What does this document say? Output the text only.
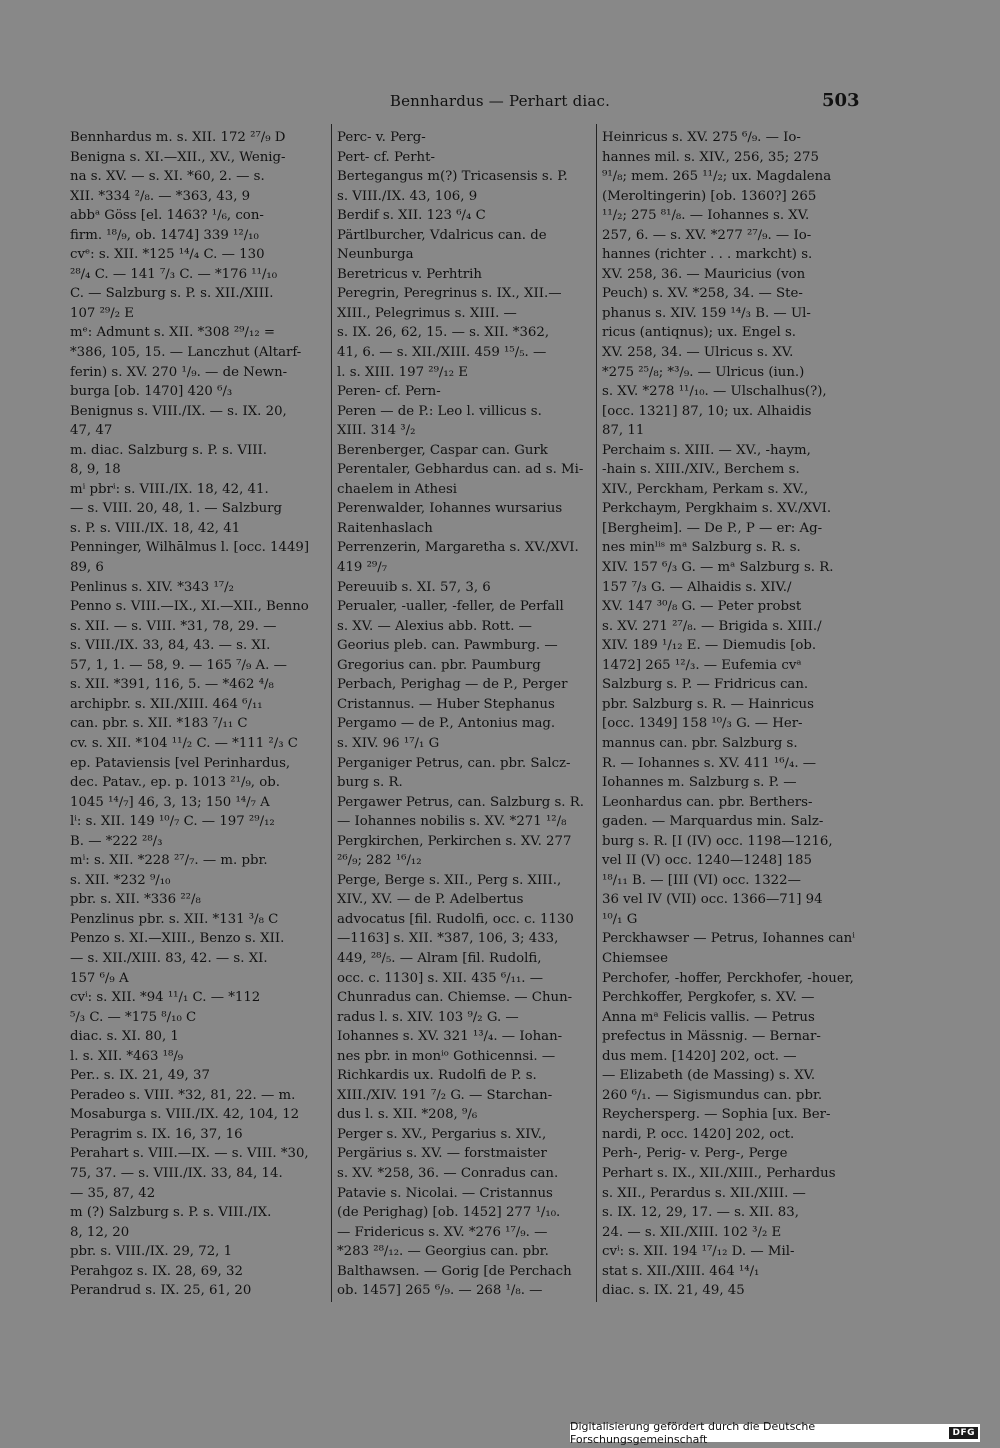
Bennhardus — Perhart diac.	503
Bennhardus m. s. XII. 172 ²⁷/₉ D
Benigna s. XI.—XII., XV., Wenig-
na s. XV. — s. XI. *60, 2. — s.
XII. *334 ²/₈. — *363, 43, 9
abbᵃ Göss [el. 1463? ¹/₆, con-
firm. ¹⁸/₉, ob. 1474] 339 ¹²/₁₀
cvᵉ: s. XII. *125 ¹⁴/₄ C. — 130
²⁸/₄ C. — 141 ⁷/₃ C. — *176 ¹¹/₁₀
C. — Salzburg s. P. s. XII./XIII.
107 ²⁹/₂ E
mᵉ: Admunt s. XII. *308 ²⁹/₁₂ =
*386, 105, 15. — Lanczhut (Altarf-
ferin) s. XV. 270 ¹/₉. — de Newn-
burga [ob. 1470] 420 ⁶/₃
Benignus s. VIII./IX. — s. IX. 20,
47, 47
m. diac. Salzburg s. P. s. VIII.
8, 9, 18
mⁱ pbrⁱ: s. VIII./IX. 18, 42, 41.
— s. VIII. 20, 48, 1. — Salzburg
s. P. s. VIII./IX. 18, 42, 41
Penninger, Wilhālmus l. [occ. 1449]
89, 6
Penlinus s. XIV. *343 ¹⁷/₂
Penno s. VIII.—IX., XI.—XII., Benno
s. XII. — s. VIII. *31, 78, 29. —
s. VIII./IX. 33, 84, 43. — s. XI.
57, 1, 1. — 58, 9. — 165 ⁷/₉ A. —
s. XII. *391, 116, 5. — *462 ⁴/₈
archipbr. s. XII./XIII. 464 ⁶/₁₁
can. pbr. s. XII. *183 ⁷/₁₁ C
cv. s. XII. *104 ¹¹/₂ C. — *111 ²/₃ C
ep. Pataviensis [vel Perinhardus,
dec. Patav., ep. p. 1013 ²¹/₉, ob.
1045 ¹⁴/₇] 46, 3, 13; 150 ¹⁴/₇ A
lⁱ: s. XII. 149 ¹⁰/₇ C. — 197 ²⁹/₁₂
B. — *222 ²⁸/₃
mⁱ: s. XII. *228 ²⁷/₇. — m. pbr.
s. XII. *232 ⁹/₁₀
pbr. s. XII. *336 ²²/₈
Penzlinus pbr. s. XII. *131 ³/₈ C
Penzo s. XI.—XIII., Benzo s. XII.
— s. XII./XIII. 83, 42. — s. XI.
157 ⁶/₉ A
cvⁱ: s. XII. *94 ¹¹/₁ C. — *112
⁵/₃ C. — *175 ⁸/₁₀ C
diac. s. XI. 80, 1
l. s. XII. *463 ¹⁸/₉
Per.. s. IX. 21, 49, 37
Peradeo s. VIII. *32, 81, 22. — m.
Mosaburga s. VIII./IX. 42, 104, 12
Peragrim s. IX. 16, 37, 16
Perahart s. VIII.—IX. — s. VIII. *30,
75, 37. — s. VIII./IX. 33, 84, 14.
— 35, 87, 42
m (?) Salzburg s. P. s. VIII./IX.
8, 12, 20
pbr. s. VIII./IX. 29, 72, 1
Perahgoz s. IX. 28, 69, 32
Perandrud s. IX. 25, 61, 20
Perc- v. Perg-
Pert- cf. Perht-
Bertegangus m(?) Tricasensis s. P.
s. VIII./IX. 43, 106, 9
Berdif s. XII. 123 ⁶/₄ C
Pärtlburcher, Vdalricus can. de
Neunburga
Beretricus v. Perhtrih
Peregrin, Peregrinus s. IX., XII.—
XIII., Pelegrimus s. XIII. —
s. IX. 26, 62, 15. — s. XII. *362,
41, 6. — s. XII./XIII. 459 ¹⁵/₅. —
l. s. XIII. 197 ²⁹/₁₂ E
Peren- cf. Pern-
Peren — de P.: Leo l. villicus s.
XIII. 314 ³/₂
Berenberger, Caspar can. Gurk
Perentaler, Gebhardus can. ad s. Mi-
chaelem in Athesi
Perenwalder, Iohannes wursarius
Raitenhaslach
Perrenzerin, Margaretha s. XV./XVI.
419 ²⁹/₇
Pereuuib s. XI. 57, 3, 6
Perualer, -ualler, -feller, de Perfall
s. XV. — Alexius abb. Rott. —
Georius pleb. can. Pawmburg. —
Gregorius can. pbr. Paumburg
Perbach, Perighag — de P., Perger
Cristannus. — Huber Stephanus
Pergamo — de P., Antonius mag.
s. XIV. 96 ¹⁷/₁ G
Perganiger Petrus, can. pbr. Salcz-
burg s. R.
Pergawer Petrus, can. Salzburg s. R.
— Iohannes nobilis s. XV. *271 ¹²/₈
Pergkirchen, Perkirchen s. XV. 277
²⁶/₉; 282 ¹⁶/₁₂
Perge, Berge s. XII., Perg s. XIII.,
XIV., XV. — de P. Adelbertus
advocatus [fil. Rudolfi, occ. c. 1130
—1163] s. XII. *387, 106, 3; 433,
449, ²⁸/₅. — Alram [fil. Rudolfi,
occ. c. 1130] s. XII. 435 ⁶/₁₁. —
Chunradus can. Chiemse. — Chun-
radus l. s. XIV. 103 ⁹/₂ G. —
Iohannes s. XV. 321 ¹³/₄. — Iohan-
nes pbr. in monⁱᵒ Gothicennsi. —
Richkardis ux. Rudolfi de P. s.
XIII./XIV. 191 ⁷/₂ G. — Starchan-
dus l. s. XII. *208, ⁹/₆
Perger s. XV., Pergarius s. XIV.,
Pergärius s. XV. — forstmaister
s. XV. *258, 36. — Conradus can.
Patavie s. Nicolai. — Cristannus
(de Perighag) [ob. 1452] 277 ¹/₁₀.
— Fridericus s. XV. *276 ¹⁷/₉. —
*283 ²⁸/₁₂. — Georgius can. pbr.
Balthawsen. — Gorig [de Perchach
ob. 1457] 265 ⁶/₉. — 268 ¹/₈. —
Heinricus s. XV. 275 ⁶/₉. — Io-
hannes mil. s. XIV., 256, 35; 275
⁹¹/₈; mem. 265 ¹¹/₂; ux. Magdalena
(Meroltingerin) [ob. 1360?] 265
¹¹/₂; 275 ⁸¹/₈. — Iohannes s. XV.
257, 6. — s. XV. *277 ²⁷/₉. — Io-
hannes (richter . . . markcht) s.
XV. 258, 36. — Mauricius (von
Peuch) s. XV. *258, 34. — Ste-
phanus s. XIV. 159 ¹⁴/₃ B. — Ul-
ricus (antiqnus); ux. Engel s.
XV. 258, 34. — Ulricus s. XV.
*275 ²⁵/₈; *³/₉. — Ulricus (iun.)
s. XV. *278 ¹¹/₁₀. — Ulschalhus(?),
[occ. 1321] 87, 10; ux. Alhaidis
87, 11
Perchaim s. XIII. — XV., -haym,
-hain s. XIII./XIV., Berchem s.
XIV., Perckham, Perkam s. XV.,
Perkchaym, Pergkhaim s. XV./XVI.
[Bergheim]. — De P., P — er: Ag-
nes minˡⁱˢ mᵃ Salzburg s. R. s.
XIV. 157 ⁶/₃ G. — mᵃ Salzburg s. R.
157 ⁷/₃ G. — Alhaidis s. XIV./
XV. 147 ³⁰/₈ G. — Peter probst
s. XV. 271 ²⁷/₈. — Brigida s. XIII./
XIV. 189 ¹/₁₂ E. — Diemudis [ob.
1472] 265 ¹²/₃. — Eufemia cvᵃ
Salzburg s. P. — Fridricus can.
pbr. Salzburg s. R. — Hainricus
[occ. 1349] 158 ¹⁰/₃ G. — Her-
mannus can. pbr. Salzburg s.
R. — Iohannes s. XV. 411 ¹⁶/₄. —
Iohannes m. Salzburg s. P. —
Leonhardus can. pbr. Berthers-
gaden. — Marquardus min. Salz-
burg s. R. [I (IV) occ. 1198—1216,
vel II (V) occ. 1240—1248] 185
¹⁸/₁₁ B. — [III (VI) occ. 1322—
36 vel IV (VII) occ. 1366—71] 94
¹⁰/₁ G
Perckhawser — Petrus, Iohannes canⁱ
Chiemsee
Perchofer, -hoffer, Perckhofer, -houer,
Perchkoffer, Pergkofer, s. XV. —
Anna mᵃ Felicis vallis. — Petrus
prefectus in Mässnig. — Bernar-
dus mem. [1420] 202, oct. —
— Elizabeth (de Massing) s. XV.
260 ⁶/₁. — Sigismundus can. pbr.
Reychersperg. — Sophia [ux. Ber-
nardi, P. occ. 1420] 202, oct.
Perh-, Perig- v. Perg-, Perge
Perhart s. IX., XII./XIII., Perhardus
s. XII., Perardus s. XII./XIII. —
s. IX. 12, 29, 17. — s. XII. 83,
24. — s. XII./XIII. 102 ³/₂ E
cvⁱ: s. XII. 194 ¹⁷/₁₂ D. — Mil-
stat s. XII./XIII. 464 ¹⁴/₁
diac. s. IX. 21, 49, 45
Digitalisierung gefördert durch die Deutsche Forschungsgemeinschaft	DFG
